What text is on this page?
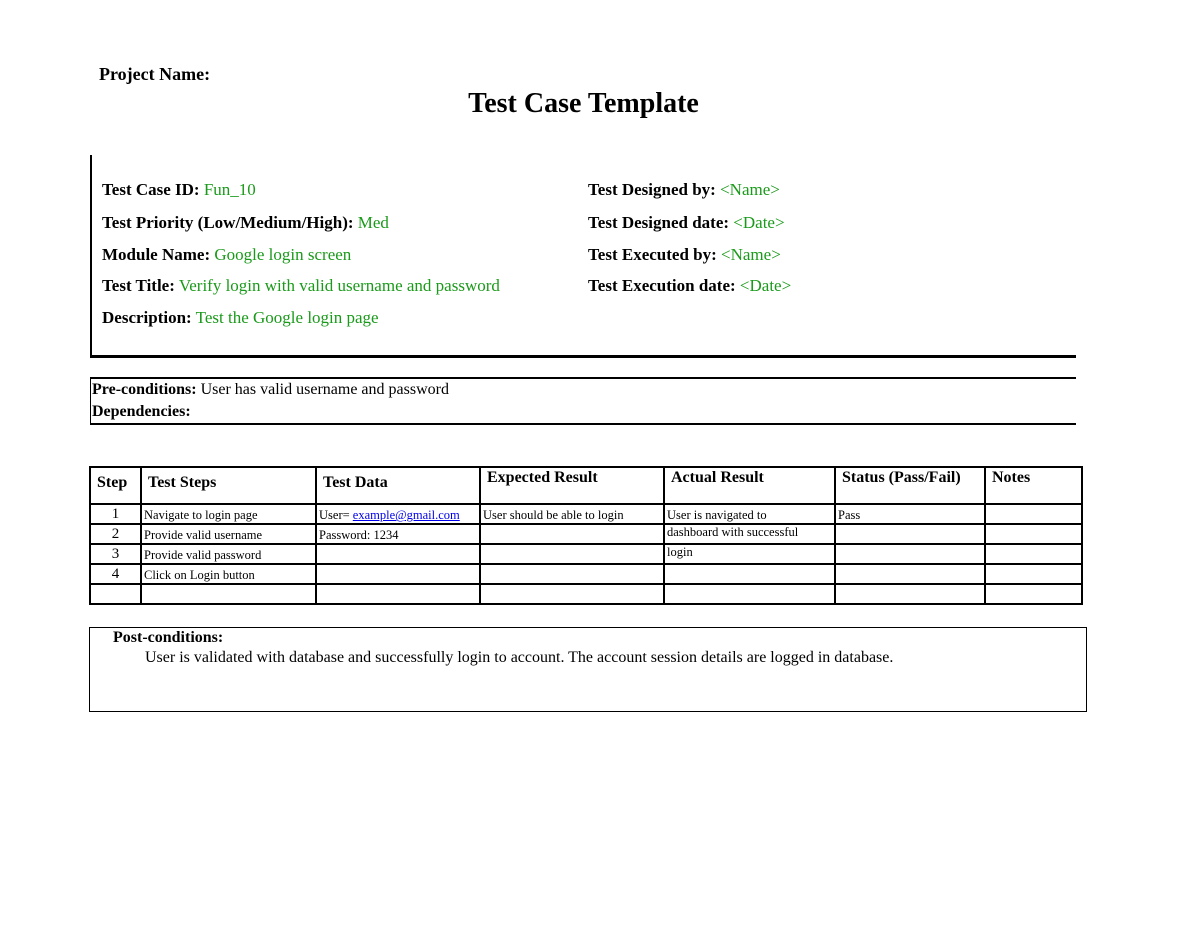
Project Name:
Test Case Template
Test Case ID: Fun_10
Test Priority (Low/Medium/High): Med
Module Name: Google login screen
Test Title: Verify login with valid username and password
Description: Test the Google login page
Test Designed by: <Name>
Test Designed date: <Date>
Test Executed by: <Name>
Test Execution date: <Date>
Pre-conditions: User has valid username and password
Dependencies:
Step	Test Steps	Test Data	Expected Result	Actual Result	Status (Pass/Fail)	Notes
1	Navigate to login page	User= example@gmail.com	User should be able to login	User is navigated to	Pass	
2	Provide valid username	Password: 1234		dashboard with successful		
3	Provide valid password			login		
4	Click on Login button					

Post-conditions:
User is validated with database and successfully login to account. The account session details are logged in database.
